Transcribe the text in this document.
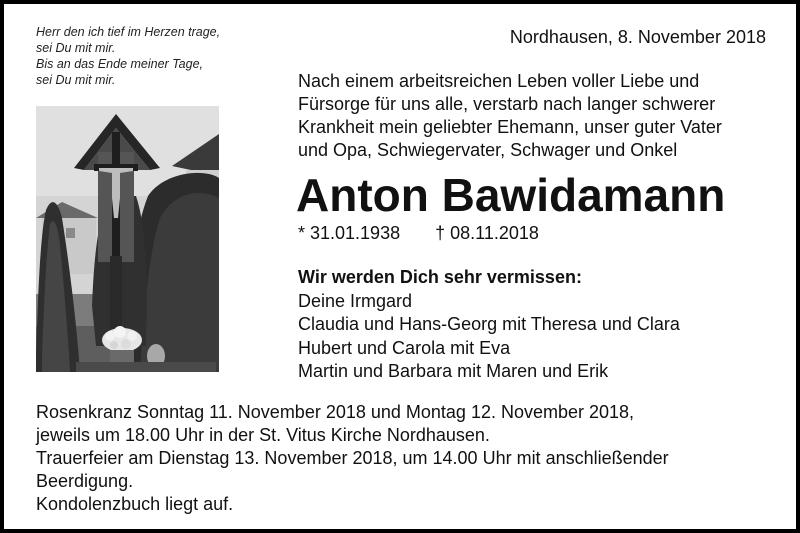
Herr den ich tief im Herzen trage,
sei Du mit mir.
Bis an das Ende meiner Tage,
sei Du mit mir.
Nordhausen, 8. November 2018
Nach einem arbeitsreichen Leben voller Liebe und
Fürsorge für uns alle, verstarb nach langer schwerer
Krankheit mein geliebter Ehemann, unser guter Vater
und Opa, Schwiegervater, Schwager und Onkel
Anton Bawidamann
* 31.01.1938 † 08.11.2018
Wir werden Dich sehr vermissen:
Deine Irmgard
Claudia und Hans-Georg mit Theresa und Clara
Hubert und Carola mit Eva
Martin und Barbara mit Maren und Erik
Rosenkranz Sonntag 11. November 2018 und Montag 12. November 2018,
jeweils um 18.00 Uhr in der St. Vitus Kirche Nordhausen.
Trauerfeier am Dienstag 13. November 2018, um 14.00 Uhr mit anschließender
Beerdigung.
Kondolenzbuch liegt auf.
